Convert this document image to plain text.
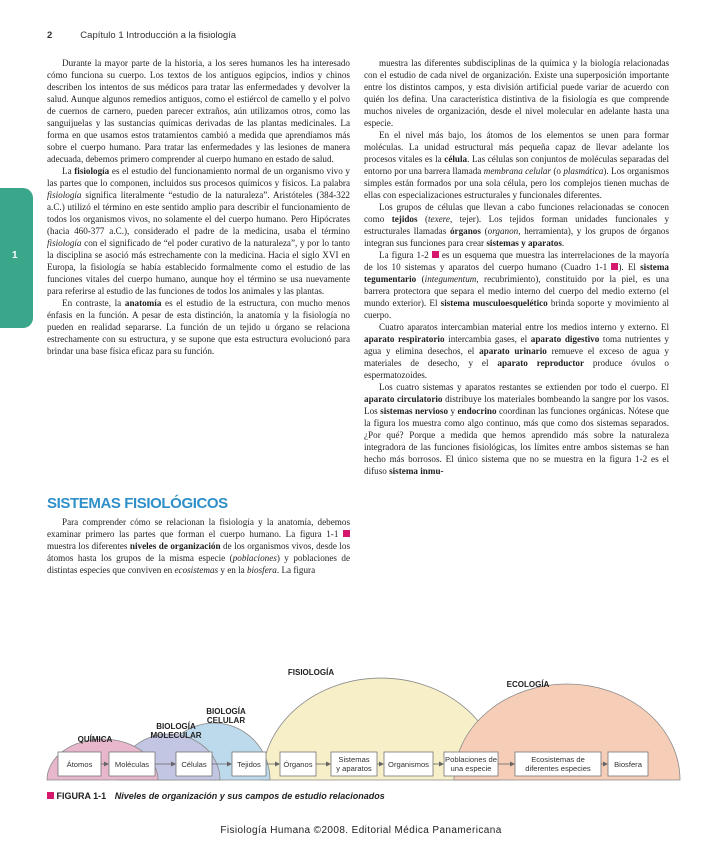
2	Capítulo 1 Introducción a la fisiología
1

Durante la mayor parte de la historia, a los seres humanos les ha interesado cómo funciona su cuerpo. Los textos de los antiguos egipcios, indios y chinos describen los intentos de sus médicos para tratar las enfermedades y devolver la salud. Aunque algunos remedios antiguos, como el estiércol de camello y el polvo de cuernos de carnero, pueden parecer extraños, aún utilizamos otros, como las sanguijuelas y las sustancias químicas derivadas de las plantas medicinales. La forma en que usamos estos tratamientos cambió a medida que aprendíamos más sobre el cuerpo humano. Para tratar las enfermedades y las lesiones de manera adecuada, debemos primero comprender al cuerpo humano en estado de salud.

La fisiología es el estudio del funcionamiento normal de un organismo vivo y las partes que lo componen, incluidos sus procesos químicos y físicos. La palabra fisiología significa literalmente “estudio de la naturaleza”. Aristóteles (384-322 a.C.) utilizó el término en este sentido amplio para describir el funcionamiento de todos los organismos vivos, no solamente el del cuerpo humano. Pero Hipócrates (hacia 460-377 a.C.), considerado el padre de la medicina, usaba el término fisiología con el significado de “el poder curativo de la naturaleza”, y por lo tanto la disciplina se asoció más estrechamente con la medicina. Hacia el siglo XVI en Europa, la fisiología se había establecido formalmente como el estudio de las funciones vitales del cuerpo humano, aunque hoy el término se usa nuevamente para referirse al estudio de las funciones de todos los animales y las plantas.

En contraste, la anatomía es el estudio de la estructura, con mucho menos énfasis en la función. A pesar de esta distinción, la anatomía y la fisiología no pueden en realidad separarse. La función de un tejido u órgano se relaciona estrechamente con su estructura, y se supone que esta estructura evolucionó para brindar una base física eficaz para su función.

SISTEMAS FISIOLÓGICOS

Para comprender cómo se relacionan la fisiología y la anatomía, debemos examinar primero las partes que forman el cuerpo humano. La figura 1-1  muestra los diferentes niveles de organización de los organismos vivos, desde los átomos hasta los grupos de la misma especie (poblaciones) y poblaciones de distintas especies que conviven en ecosistemas y en la biosfera. La figura

muestra las diferentes subdisciplinas de la química y la biología relacionadas con el estudio de cada nivel de organización. Existe una superposición importante entre los distintos campos, y esta división artificial puede variar de acuerdo con quién los defina. Una característica distintiva de la fisiología es que comprende muchos niveles de organización, desde el nivel molecular en adelante hasta una especie.

En el nivel más bajo, los átomos de los elementos se unen para formar moléculas. La unidad estructural más pequeña capaz de llevar adelante los procesos vitales es la célula. Las células son conjuntos de moléculas separadas del entorno por una barrera llamada membrana celular (o plasmática). Los organismos simples están formados por una sola célula, pero los complejos tienen muchas de ellas con especializaciones estructurales y funcionales diferentes.

Los grupos de células que llevan a cabo funciones relacionadas se conocen como tejidos (texere, tejer). Los tejidos forman unidades funcionales y estructurales llamadas órganos (organon, herramienta), y los grupos de órganos integran sus funciones para crear sistemas y aparatos.

La figura 1-2  es un esquema que muestra las interrelaciones de la mayoría de los 10 sistemas y aparatos del cuerpo humano (Cuadro 1-1 ). El sistema tegumentario (integumentum, recubrimiento), constituido por la piel, es una barrera protectora que separa el medio interno del cuerpo del medio externo (el mundo exterior). El sistema musculoesquelético brinda soporte y movimiento al cuerpo.

Cuatro aparatos intercambian material entre los medios interno y externo. El aparato respiratorio intercambia gases, el aparato digestivo toma nutrientes y agua y elimina desechos, el aparato urinario remueve el exceso de agua y materiales de desecho, y el aparato reproductor produce óvulos o espermatozoides.

Los cuatro sistemas y aparatos restantes se extienden por todo el cuerpo. El aparato circulatorio distribuye los materiales bombeando la sangre por los vasos. Los sistemas nervioso y endocrino coordinan las funciones orgánicas. Nótese que la figura los muestra como algo continuo, más que como dos sistemas separados. ¿Por qué? Porque a medida que hemos aprendido más sobre la naturaleza integradora de las funciones fisiológicas, los límites entre ambos sistemas se han hecho más borrosos. El único sistema que no se muestra en la figura 1-2 es el difuso sistema inmu-

FISIOLOGÍA
ECOLOGÍA
BIOLOGÍA
CELULAR
BIOLOGÍA
MOLECULAR
QUÍMICA
Átomos	Moléculas	Células	Tejidos	Órganos
Sistemas
y aparatos Organismos
Poblaciones de
una especie
Ecosistemas de
diferentes especies	Biosfera
FIGURA 1-1 Niveles de organización y sus campos de estudio relacionados
Fisiología Humana ©2008. Editorial Médica Panamericana
